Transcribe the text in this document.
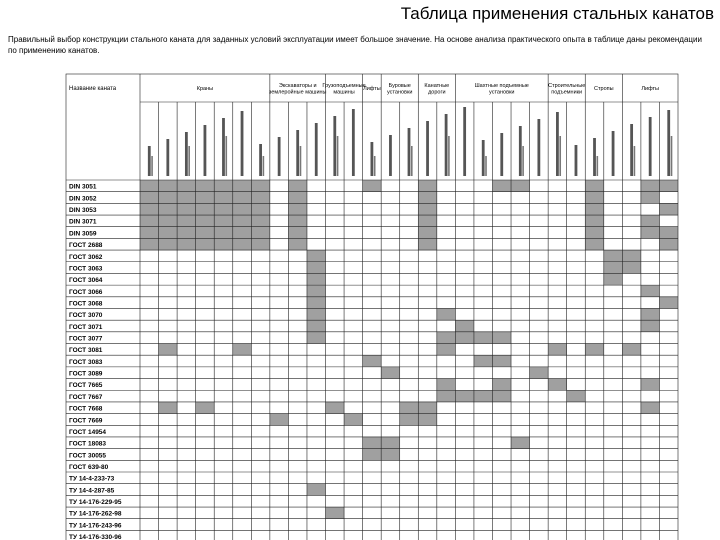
Таблица применения стальных канатов
Правильный выбор конструкции стального каната для заданных условий эксплуатации имеет большое значение. На основе анализа практического опыта в таблице даны рекомендации по применению канатов.
DIN 3051
DIN 3052
DIN 3053
DIN 3071
DIN 3059
ГОСТ 2688
ГОСТ 3062
ГОСТ 3063
ГОСТ 3064
ГОСТ 3066
ГОСТ 3068
ГОСТ 3070
ГОСТ 3071
ГОСТ 3077
ГОСТ 3081
ГОСТ 3083
ГОСТ 3089
ГОСТ 7665
ГОСТ 7667
ГОСТ 7668
ГОСТ 7669
ГОСТ 14954
ГОСТ 18083
ГОСТ 30055
ГОСТ 639-80
ТУ 14-4-233-73
ТУ 14-4-287-85
ТУ 14-176-229-95
ТУ 14-176-262-98
ТУ 14-176-243-96
ТУ 14-176-330-96
Название каната	Краны
Экскаваторы и
землеройные машины
Грузоподъемные
машины
Лифты
Буровые
установки
Канатные
дороги
Шахтные подъемные
установки
Строительные
подъемники
Стропы	Лифты
